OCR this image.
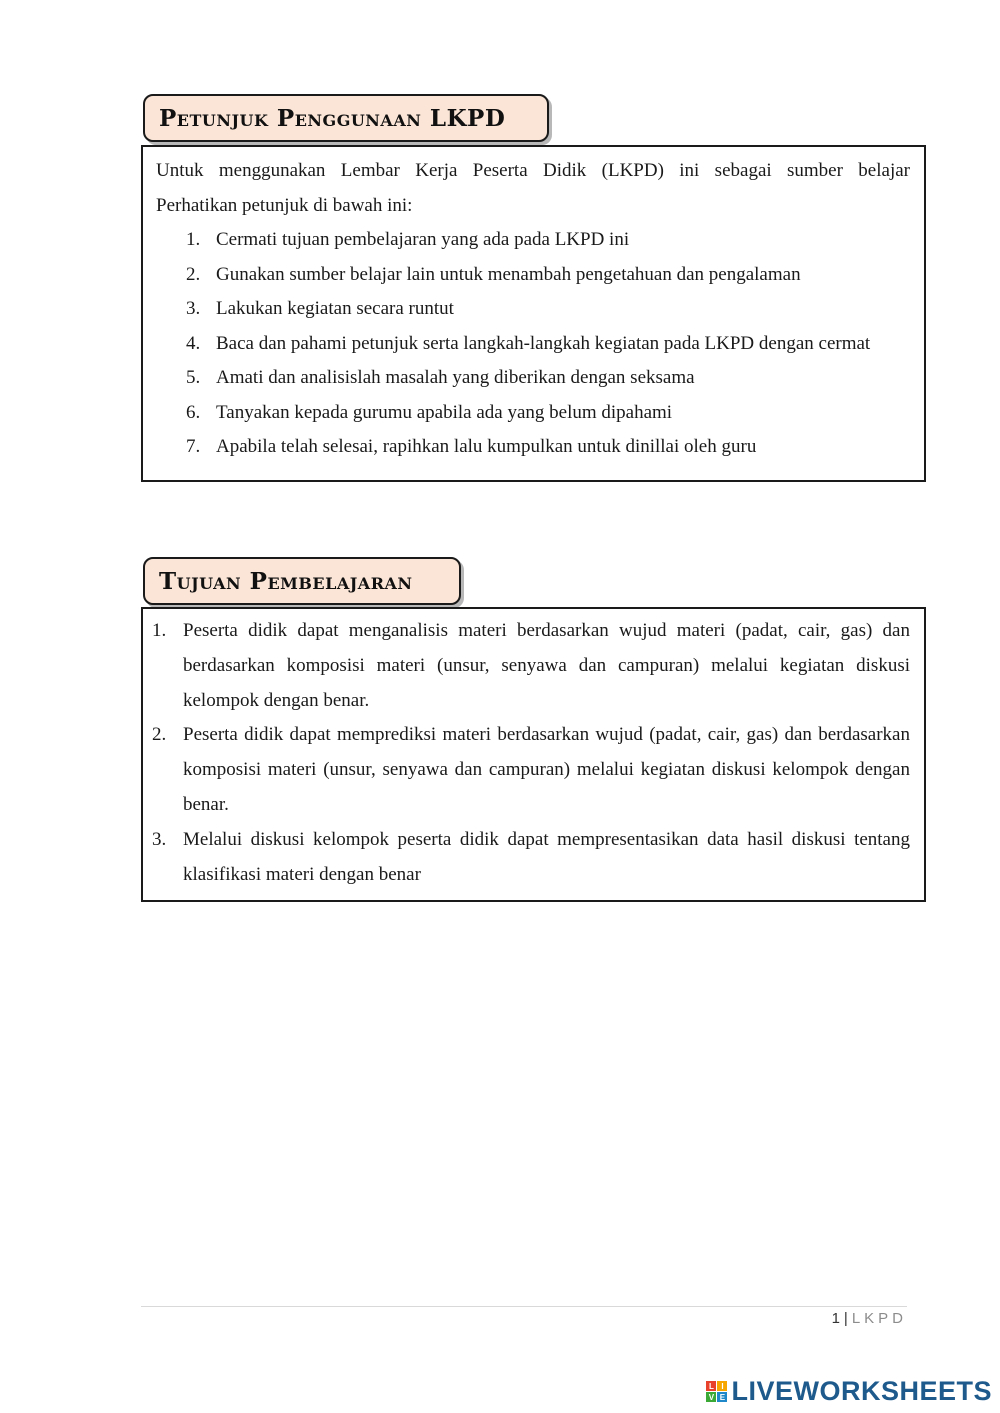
Petunjuk Penggunaan LKPD
Untuk menggunakan Lembar Kerja Peserta Didik (LKPD) ini sebagai sumber belajar
Perhatikan petunjuk di bawah ini:
1. Cermati tujuan pembelajaran yang ada pada LKPD ini
2. Gunakan sumber belajar lain untuk menambah pengetahuan dan pengalaman
3. Lakukan kegiatan secara runtut
4. Baca dan pahami petunjuk serta langkah-langkah kegiatan pada LKPD dengan cermat
5. Amati dan analisislah masalah yang diberikan dengan seksama
6. Tanyakan kepada gurumu apabila ada yang belum dipahami
7. Apabila telah selesai, rapihkan lalu kumpulkan untuk dinillai oleh guru
Tujuan Pembelajaran
1. Peserta didik dapat menganalisis materi berdasarkan wujud materi (padat, cair, gas) dan berdasarkan komposisi materi (unsur, senyawa dan campuran) melalui kegiatan diskusi kelompok dengan benar.
2. Peserta didik dapat memprediksi materi berdasarkan wujud (padat, cair, gas) dan berdasarkan komposisi materi (unsur, senyawa dan campuran) melalui kegiatan diskusi kelompok dengan benar.
3. Melalui diskusi kelompok peserta didik dapat mempresentasikan data hasil diskusi tentang klasifikasi materi dengan benar
1 | LKPD
L I
V E LIVEWORKSHEETS
